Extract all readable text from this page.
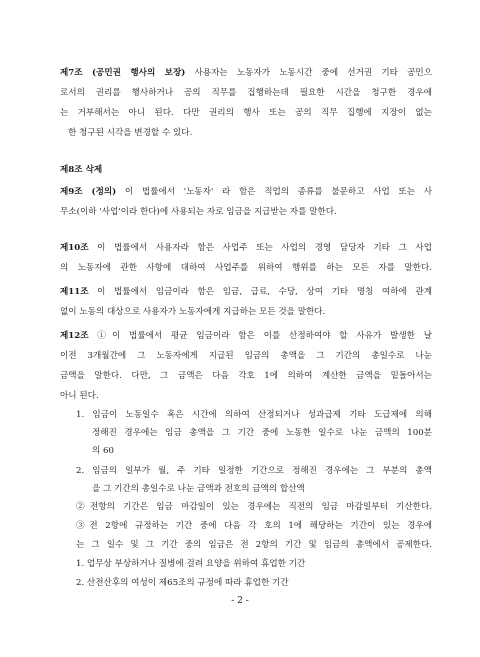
제7조 (공민권 행사의 보장) 사용자는 노동자가 노동시간 중에 선거권 기타 공민으
로서의 권리를 행사하거나 공의 직무를 집행하는데 필요한 시간을 청구한 경우에
는 거부해서는 아니 된다. 다만 권리의 행사 또는 공의 직무 집행에 지장이 없는
한 청구된 시각을 변경할 수 있다.
제8조 삭제
제9조 (정의) 이 법률에서 '노동자' 라 함은 직업의 종류를 불문하고 사업 또는 사
무소(이하 '사업'이라 한다)에 사용되는 자로 임금을 지급받는 자를 말한다.
제10조 이 법률에서 사용자라 함은 사업주 또는 사업의 경영 담당자 기타 그 사업
의 노동자에 관한 사항에 대하여 사업주를 위하여 행위를 하는 모든 자를 말한다.
제11조 이 법률에서 임금이라 함은 임금, 급료, 수당, 상여 기타 명칭 여하에 관계
없이 노동의 대상으로 사용자가 노동자에게 지급하는 모든 것을 말한다.
제12조 ①이 법률에서 평균 임금이라 함은 이를 산정하여야 할 사유가 발생한 날
이전 3개월간에 그 노동자에게 지급된 임금의 총액을 그 기간의 총일수로 나눈
금액을 말한다. 다만, 그 금액은 다음 각호 1에 의하여 계산한 금액을 밑돌아서는
아니 된다.
1. 임금이 노동일수 혹은 시간에 의하여 산정되거나 성과급제 기타 도급제에 의해
정해진 경우에는 임금 총액을 그 기간 중에 노동한 일수로 나눈 금액의 100분
의 60
2. 임금의 일부가 월, 주 기타 일정한 기간으로 정해진 경우에는 그 부분의 총액
을 그 기간의 총일수로 나눈 금액과 전호의 금액의 합산액
②전항의 기간은 임금 마감일이 있는 경우에는 직전의 임금 마감일부터 기산한다.
③전 2항에 규정하는 기간 중에 다음 각 호의 1에 해당하는 기간이 있는 경우에
는 그 일수 및 그 기간 중의 임금은 전 2항의 기간 및 임금의 총액에서 공제한다.
1. 업무상 부상하거나 질병에 걸려 요양을 위하여 휴업한 기간
2. 산전산후의 여성이 제65조의 규정에 따라 휴업한 기간
- 2 -
